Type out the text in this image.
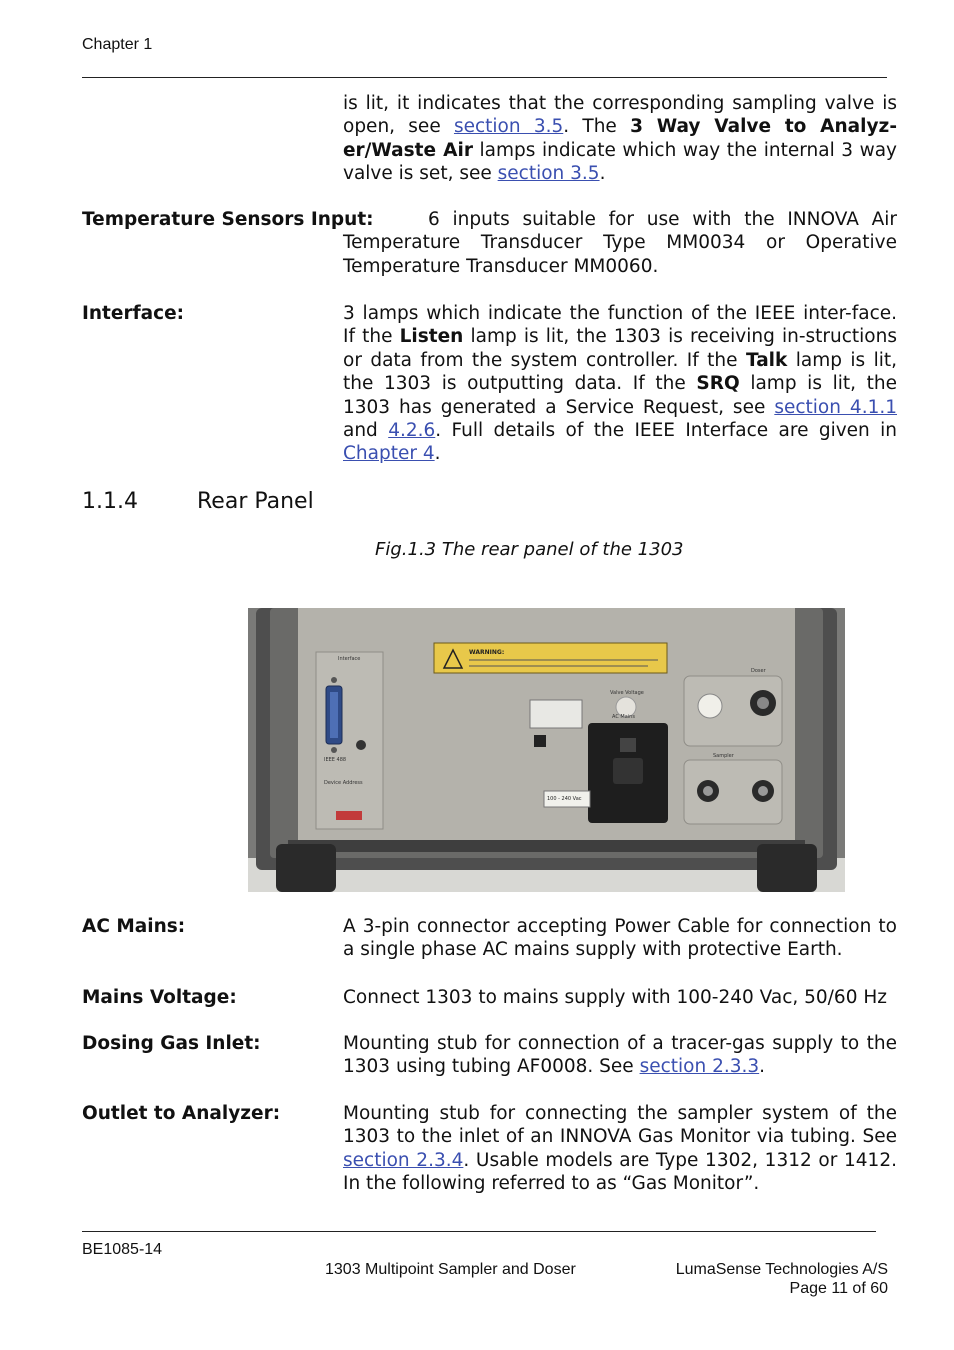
Chapter 1
is lit, it indicates that the corresponding sampling valve is open, see section 3.5. The 3 Way Valve to Analyz-er/Waste Air lamps indicate which way the internal 3 way valve is set, see section 3.5.
Temperature Sensors Input:	6 inputs suitable for use with the INNOVA Air Temperature Transducer Type MM0034 or Operative Temperature Transducer MM0060.
Interface:	3 lamps which indicate the function of the IEEE inter-face. If the Listen lamp is lit, the 1303 is receiving in-structions or data from the system controller. If the Talk lamp is lit, the 1303 is outputting data. If the SRQ lamp is lit, the 1303 has generated a Service Request, see section 4.1.1 and 4.2.6. Full details of the IEEE Interface are given in Chapter 4.
1.1.4	Rear Panel
Fig.1.3 The rear panel of the 1303
Interface
IEEE 488
Device Address
WARNING:
Valve Voltage
AC Mains
100 - 240 Vac
Doser
Sampler
AC Mains:	A 3-pin connector accepting Power Cable for connection to a single phase AC mains supply with protective Earth.
Mains Voltage:	Connect 1303 to mains supply with 100-240 Vac, 50/60 Hz
Dosing Gas Inlet:	Mounting stub for connection of a tracer-gas supply to the 1303 using tubing AF0008. See section 2.3.3.
Outlet to Analyzer:	Mounting stub for connecting the sampler system of the 1303 to the inlet of an INNOVA Gas Monitor via tubing. See section 2.3.4. Usable models are Type 1302, 1312 or 1412. In the following referred to as “Gas Monitor”.
BE1085-14
1303 Multipoint Sampler and Doser	LumaSense Technologies A/S
Page 11 of 60
